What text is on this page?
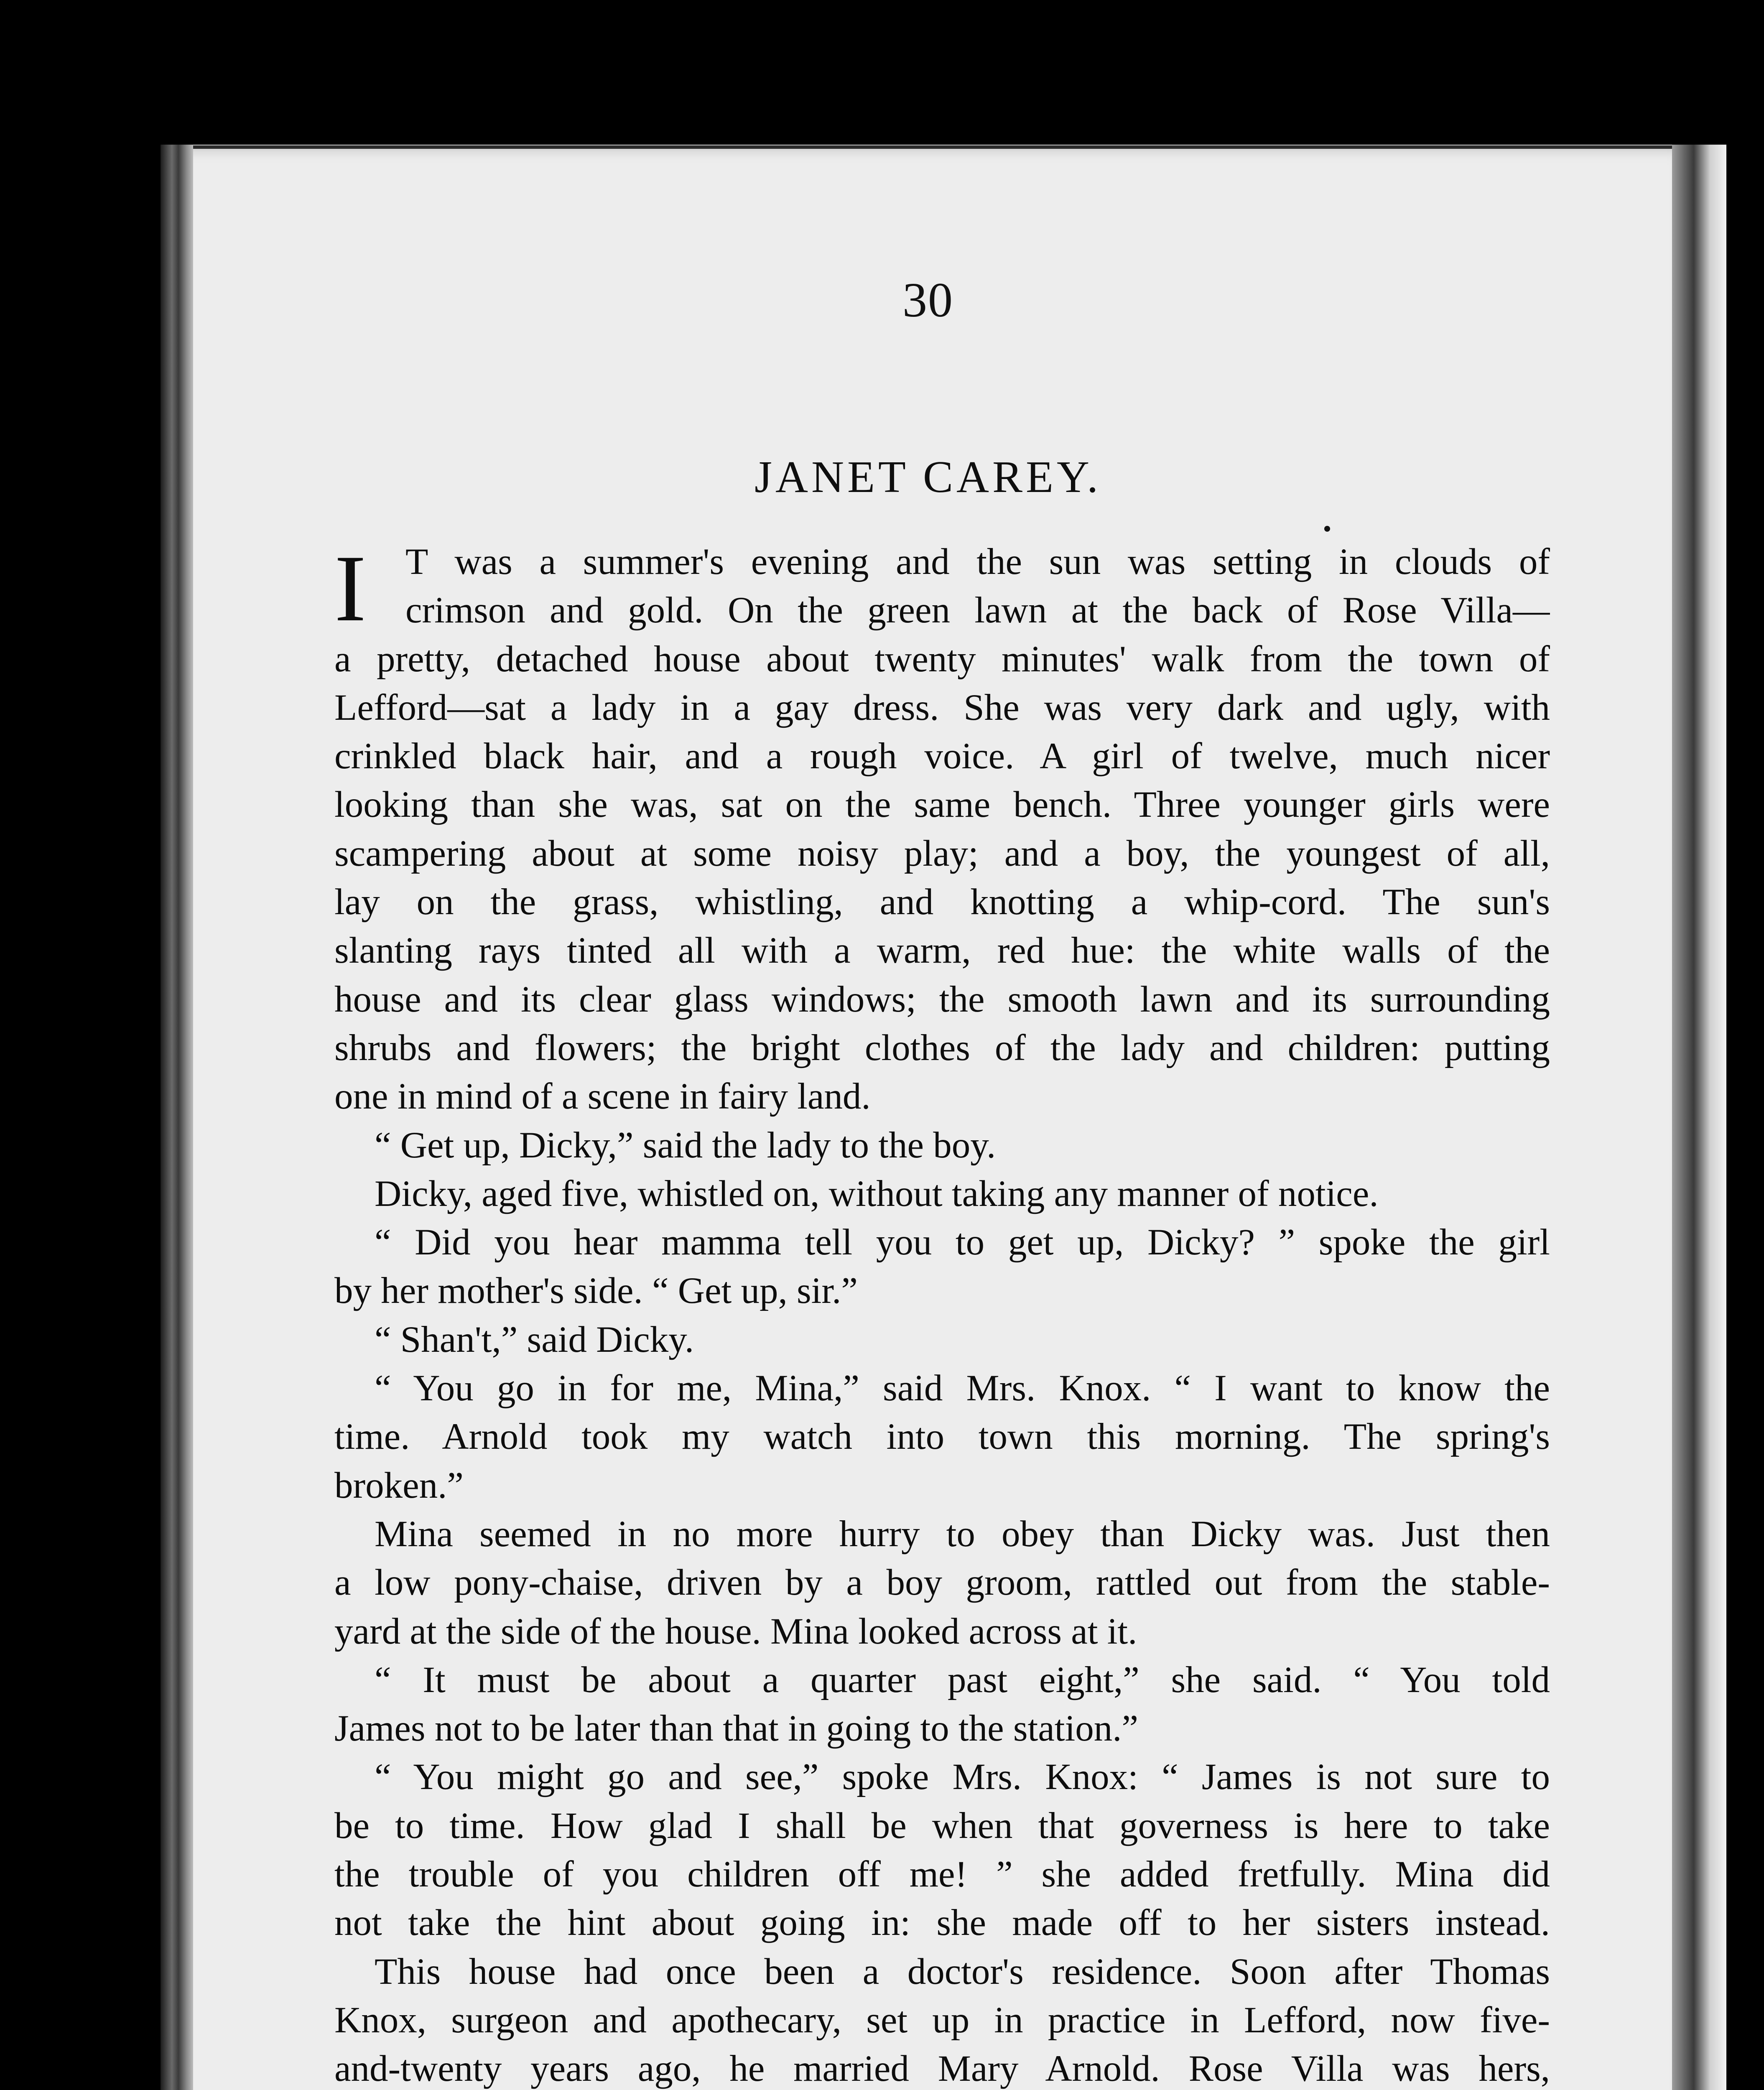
30
JANET CAREY.
I	T was a summer's evening and the sun was setting in clouds of
crimson and gold. On the green lawn at the back of Rose Villa—
a pretty, detached house about twenty minutes' walk from the town of
Lefford—sat a lady in a gay dress. She was very dark and ugly, with
crinkled black hair, and a rough voice. A girl of twelve, much nicer
looking than she was, sat on the same bench. Three younger girls were
scampering about at some noisy play; and a boy, the youngest of all,
lay on the grass, whistling, and knotting a whip-cord. The sun's
slanting rays tinted all with a warm, red hue: the white walls of the
house and its clear glass windows; the smooth lawn and its surrounding
shrubs and flowers; the bright clothes of the lady and children: putting
one in mind of a scene in fairy land.
“ Get up, Dicky,” said the lady to the boy.
Dicky, aged five, whistled on, without taking any manner of notice.
“ Did you hear mamma tell you to get up, Dicky? ” spoke the girl
by her mother's side. “ Get up, sir.”
“ Shan't,” said Dicky.
“ You go in for me, Mina,” said Mrs. Knox. “ I want to know the
time. Arnold took my watch into town this morning. The spring's
broken.”
Mina seemed in no more hurry to obey than Dicky was. Just then
a low pony-chaise, driven by a boy groom, rattled out from the stable-
yard at the side of the house. Mina looked across at it.
“ It must be about a quarter past eight,” she said. “ You told
James not to be later than that in going to the station.”
“ You might go and see,” spoke Mrs. Knox: “ James is not sure to
be to time. How glad I shall be when that governess is here to take
the trouble of you children off me! ” she added fretfully. Mina did
not take the hint about going in: she made off to her sisters instead.
This house had once been a doctor's residence. Soon after Thomas
Knox, surgeon and apothecary, set up in practice in Lefford, now five-
and-twenty years ago, he married Mary Arnold. Rose Villa was hers,
